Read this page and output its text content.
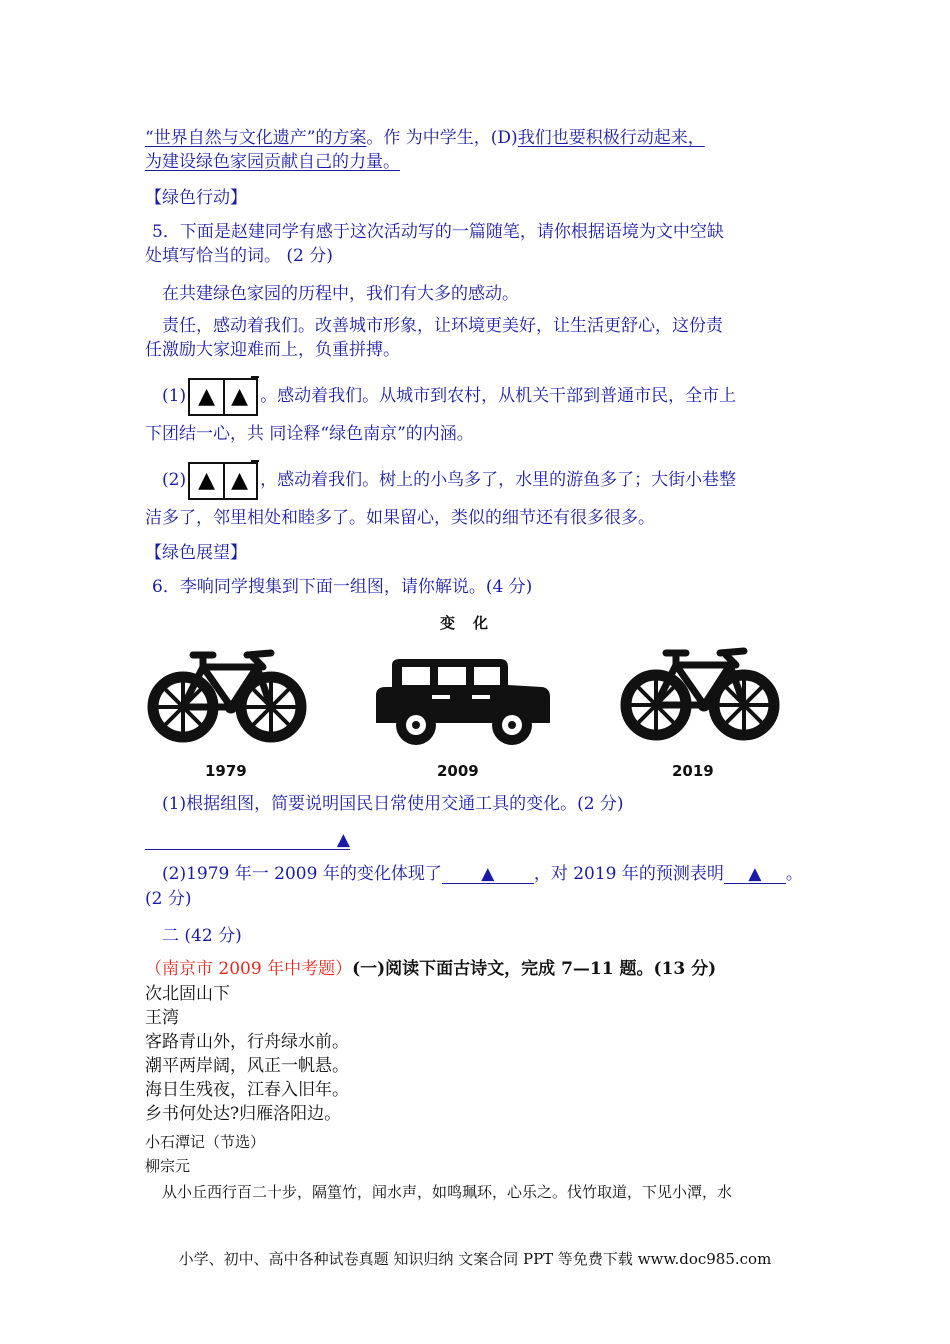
“世界自然与文化遗产”的方案。作 为中学生，(D)我们也要积极行动起来，
为建设绿色家园贡献自己的力量。
【绿色行动】
5．下面是赵建同学有感于这次活动写的一篇随笔，请你根据语境为文中空缺
处填写恰当的词。 (2 分)
在共建绿色家园的历程中，我们有大多的感动。
责任，感动着我们。改善城市形象，让环境更美好，让生活更舒心，这份责
任激励大家迎难而上，负重拼搏。
(1) ▲ ▲ 。感动着我们。从城市到农村，从机关干部到普通市民，全市上
下团结一心，共 同诠释“绿色南京”的内涵。
(2) ▲ ▲ ，感动着我们。树上的小鸟多了，水里的游鱼多了；大街小巷整
洁多了，邻里相处和睦多了。如果留心，类似的细节还有很多很多。
【绿色展望】
6．李响同学搜集到下面一组图，请你解说。(4 分)
变化
1979	2009	2019
(1)根据组图，简要说明国民日常使用交通工具的变化。(2 分)
▲
(2)1979 年一 2009 年的变化体现了 ▲ ，对 2019 年的预测表明 ▲ 。
(2 分)
二 (42 分)
（南京市 2009 年中考题）(一)阅读下面古诗文，完成 7—11 题。(13 分)
次北固山下
王湾
客路青山外，行舟绿水前。
潮平两岸阔，风正一帆悬。
海日生残夜，江春入旧年。
乡书何处达?归雁洛阳边。
小石潭记（节选）
柳宗元
从小丘西行百二十步，隔篁竹，闻水声，如鸣珮环，心乐之。伐竹取道，下见小潭，水
小学、初中、高中各种试卷真题 知识归纳 文案合同 PPT 等免费下载 www.doc985.com
